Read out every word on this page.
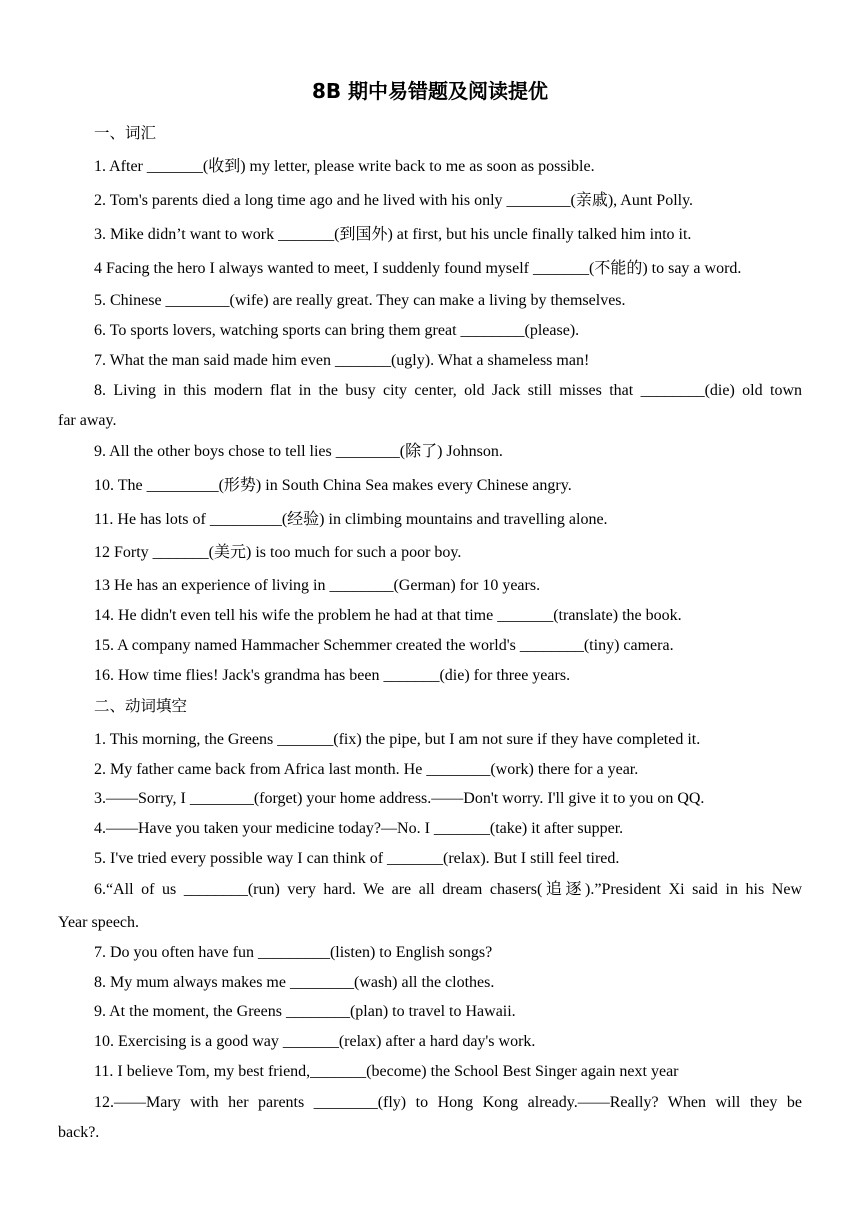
8B 期中易错题及阅读提优
一、词汇
1. After _______(收到) my letter, please write back to me as soon as possible.
2. Tom's parents died a long time ago and he lived with his only ________(亲戚), Aunt Polly.
3. Mike didn’t want to work _______(到国外) at first, but his uncle finally talked him into it.
4 Facing the hero I always wanted to meet, I suddenly found myself _______(不能的) to say a word.
5. Chinese ________(wife) are really great. They can make a living by themselves.
6. To sports lovers, watching sports can bring them great ________(please).
7. What the man said made him even _______(ugly). What a shameless man!
8. Living in this modern flat in the busy city center, old Jack still misses that ________(die) old town
far away.
9. All the other boys chose to tell lies ________(除了) Johnson.
10. The _________(形势) in South China Sea makes every Chinese angry.
11. He has lots of _________(经验) in climbing mountains and travelling alone.
12 Forty _______(美元) is too much for such a poor boy.
13 He has an experience of living in ________(German) for 10 years.
14. He didn't even tell his wife the problem he had at that time _______(translate) the book.
15. A company named Hammacher Schemmer created the world's ________(tiny) camera.
16. How time flies! Jack's grandma has been _______(die) for three years.
二、动词填空
1. This morning, the Greens _______(fix) the pipe, but I am not sure if they have completed it.
2. My father came back from Africa last month. He ________(work) there for a year.
3.——Sorry, I ________(forget) your home address.——Don't worry. I'll give it to you on QQ.
4.——Have you taken your medicine today?—No. I _______(take) it after supper.
5. I've tried every possible way I can think of _______(relax). But I still feel tired.
6.“All of us ________(run) very hard. We are all dream chasers(追逐).”President Xi said in his New
Year speech.
7. Do you often have fun _________(listen) to English songs?
8. My mum always makes me ________(wash) all the clothes.
9. At the moment, the Greens ________(plan) to travel to Hawaii.
10. Exercising is a good way _______(relax) after a hard day's work.
11. I believe Tom, my best friend,_______(become) the School Best Singer again next year
12.——Mary with her parents ________(fly) to Hong Kong already.——Really? When will they be
back?.
